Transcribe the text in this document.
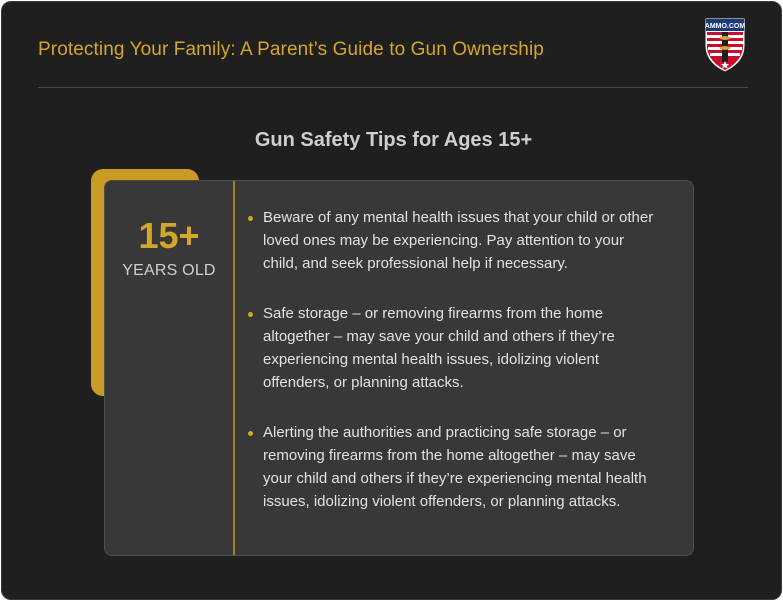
Protecting Your Family: A Parent’s Guide to Gun Ownership
AMMO.COM
Gun Safety Tips for Ages 15+
15+
YEARS OLD
Beware of any mental health issues that your child or other loved ones may be experiencing. Pay attention to your child, and seek professional help if necessary.
Safe storage – or removing firearms from the home altogether – may save your child and others if they’re experiencing mental health issues, idolizing violent offenders, or planning attacks.
Alerting the authorities and practicing safe storage – or removing firearms from the home altogether – may save your child and others if they’re experiencing mental health issues, idolizing violent offenders, or planning attacks.
